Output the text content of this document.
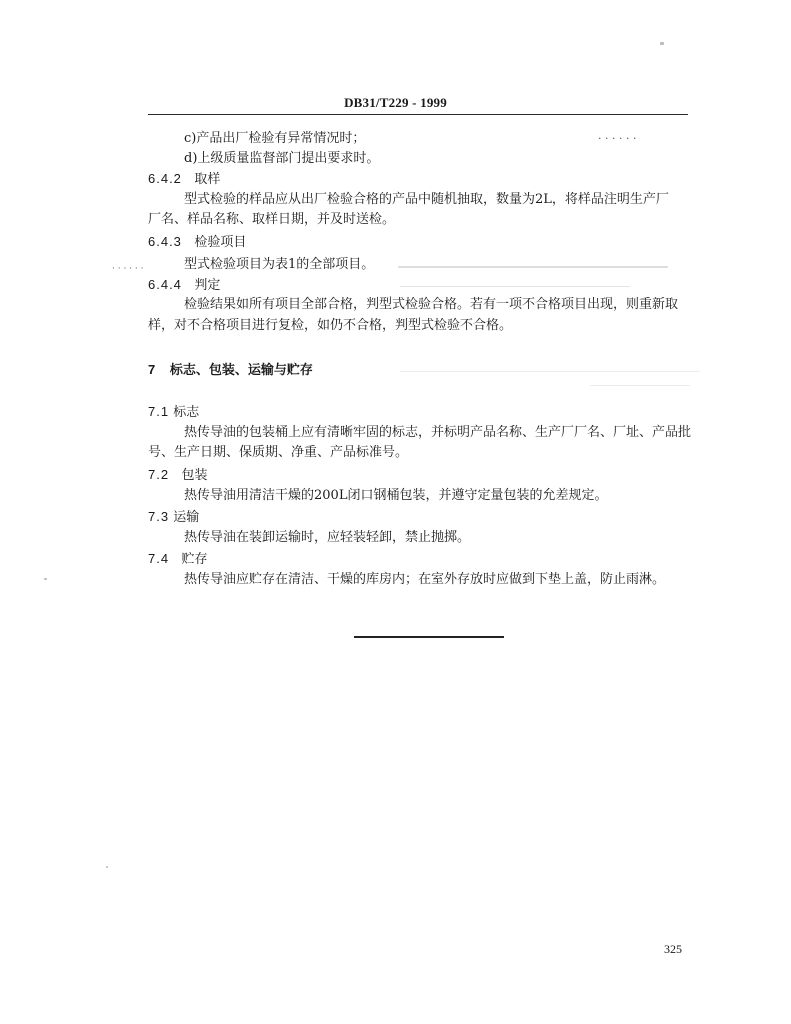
DB31/T229 - 1999
c)产品出厂检验有异常情况时；	· · · · · ·
d)上级质量监督部门提出要求时。
6.4.2 取样
型式检验的样品应从出厂检验合格的产品中随机抽取，数量为2L，将样品注明生产厂
厂名、样品名称、取样日期，并及时送检。
6.4.3 检验项目
型式检验项目为表1的全部项目。
6.4.4 判定
检验结果如所有项目全部合格，判型式检验合格。若有一项不合格项目出现，则重新取
样，对不合格项目进行复检，如仍不合格，判型式检验不合格。
7 标志、包装、运输与贮存
7.1 标志
热传导油的包装桶上应有清晰牢固的标志，并标明产品名称、生产厂厂名、厂址、产品批
号、生产日期、保质期、净重、产品标准号。
7.2 包装
热传导油用清洁干燥的200L闭口钢桶包装，并遵守定量包装的允差规定。
7.3 运输
热传导油在装卸运输时，应轻装轻卸，禁止抛掷。
7.4 贮存
热传导油应贮存在清洁、干燥的库房内；在室外存放时应做到下垫上盖，防止雨淋。
325
· · · · · ·
